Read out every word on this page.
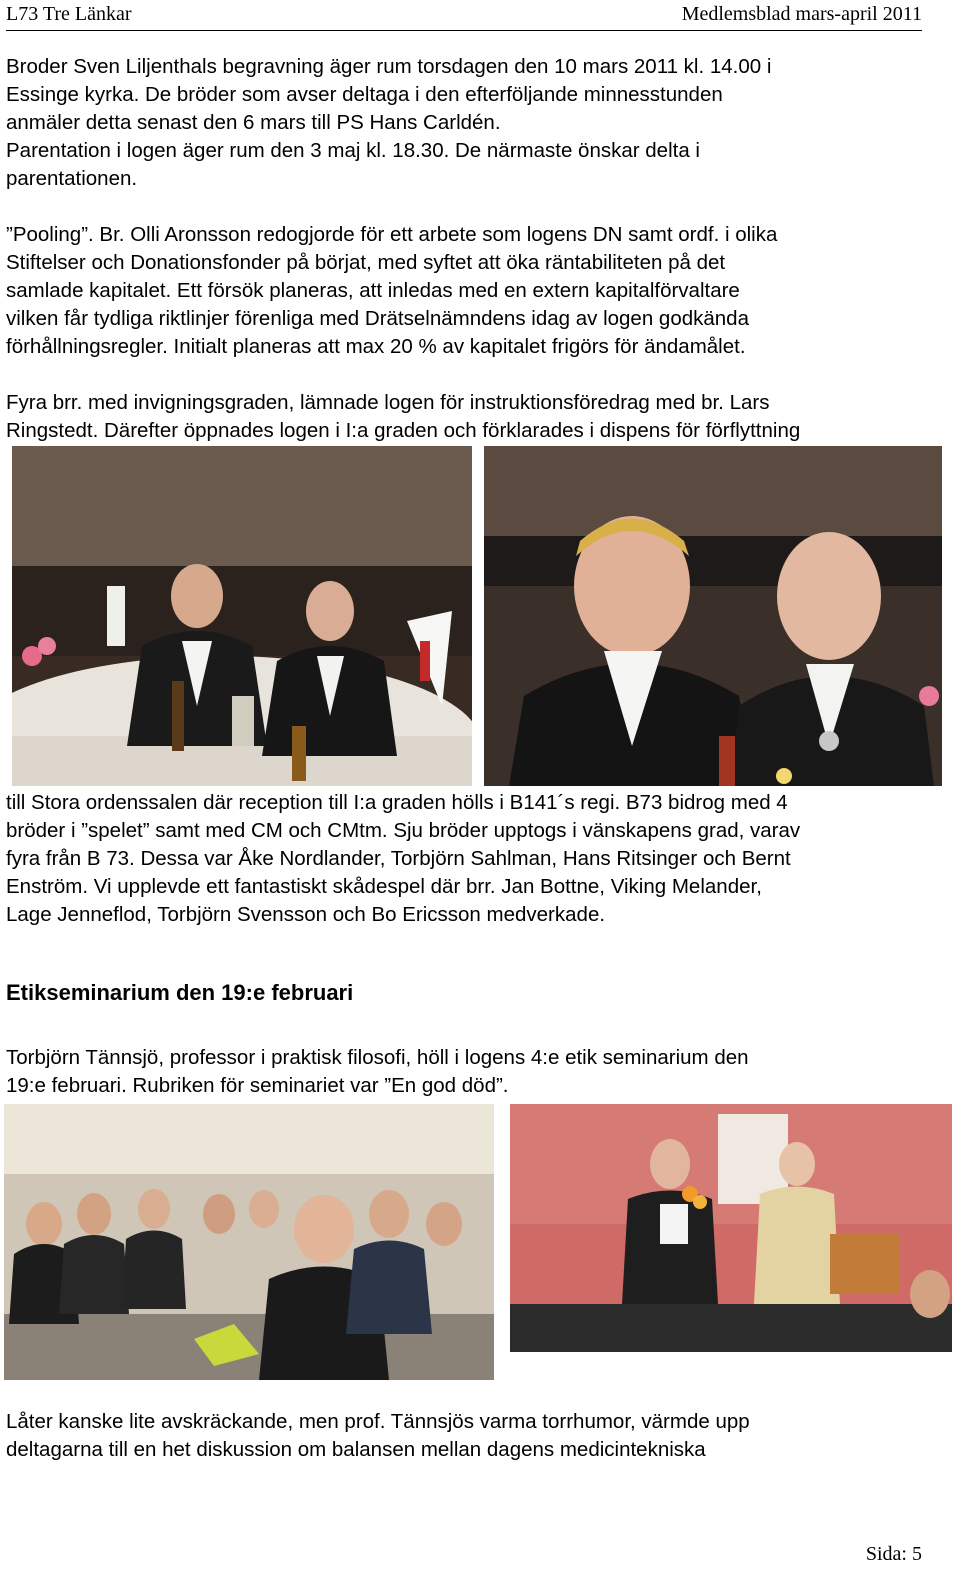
L73 Tre Länkar	Medlemsblad mars-april 2011

Broder Sven Liljenthals begravning äger rum torsdagen den 10 mars 2011 kl. 14.00 i
Essinge kyrka. De bröder som avser deltaga i den efterföljande minnesstunden
anmäler detta senast den 6 mars till PS Hans Carldén.
Parentation i logen äger rum den 3 maj kl. 18.30. De närmaste önskar delta i
parentationen.

”Pooling”. Br. Olli Aronsson redogjorde för ett arbete som logens DN samt ordf. i olika
Stiftelser och Donationsfonder på börjat, med syftet att öka räntabiliteten på det
samlade kapitalet. Ett försök planeras, att inledas med en extern kapitalförvaltare
vilken får tydliga riktlinjer förenliga med Drätselnämndens idag av logen godkända
förhållningsregler. Initialt planeras att max 20 % av kapitalet frigörs för ändamålet.

Fyra brr. med invigningsgraden, lämnade logen för instruktionsföredrag med br. Lars
Ringstedt. Därefter öppnades logen i I:a graden och förklarades i dispens för förflyttning

till Stora ordenssalen där reception till I:a graden hölls i B141´s regi. B73 bidrog med 4
bröder i ”spelet” samt med CM och CMtm. Sju bröder upptogs i vänskapens grad, varav
fyra från B 73. Dessa var Åke Nordlander, Torbjörn Sahlman, Hans Ritsinger och Bernt
Enström. Vi upplevde ett fantastiskt skådespel där brr. Jan Bottne, Viking Melander,
Lage Jenneflod, Torbjörn Svensson och Bo Ericsson medverkade.

Etikseminarium den 19:e februari

Torbjörn Tännsjö, professor i praktisk filosofi, höll i logens 4:e etik seminarium den
19:e februari. Rubriken för seminariet var ”En god död”.

Låter kanske lite avskräckande, men prof. Tännsjös varma torrhumor, värmde upp
deltagarna till en het diskussion om balansen mellan dagens medicintekniska

Sida: 5
